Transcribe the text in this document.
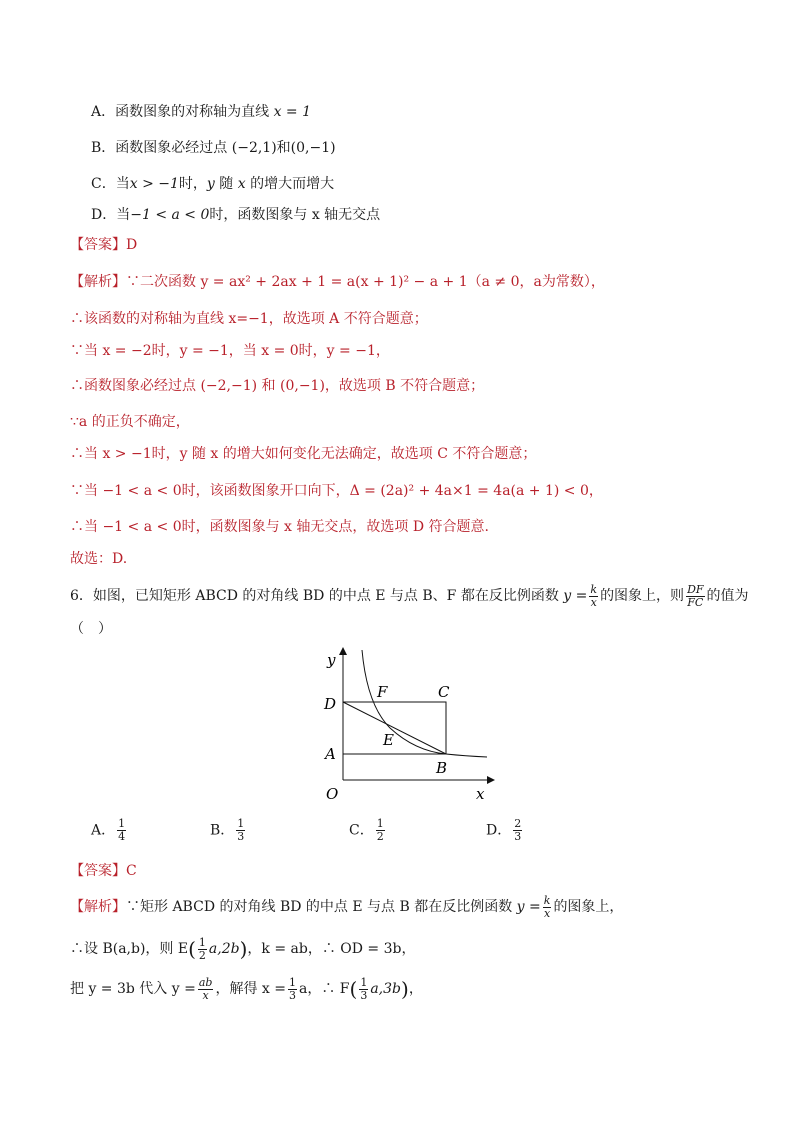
A．函数图象的对称轴为直线 x = 1
B．函数图象必经过点 (−2,1)和(0,−1)
C．当x > −1时，y 随 x 的增大而增大
D．当−1 < a < 0时，函数图象与 x 轴无交点
【答案】D
【解析】∵二次函数 y = ax² + 2ax + 1 = a(x + 1)² − a + 1（a ≠ 0，a为常数），
∴该函数的对称轴为直线 x=−1，故选项 A 不符合题意；
∵当 x = −2时，y = −1，当 x = 0时，y = −1，
∴函数图象必经过点 (−2,−1) 和 (0,−1)，故选项 B 不符合题意；
∵a 的正负不确定，
∴当 x > −1时，y 随 x 的增大如何变化无法确定，故选项 C 不符合题意；
∵当 −1 < a < 0时，该函数图象开口向下，Δ = (2a)² + 4a×1 = 4a(a + 1) < 0，
∴当 −1 < a < 0时，函数图象与 x 轴无交点，故选项 D 符合题意.
故选：D.
6．如图，已知矩形 ABCD 的对角线 BD 的中点 E 与点 B、F 都在反比例函数 $y = \frac{k}{x}$ 的图象上，则 $\frac{DF}{FC}$ 的值为
（　）
y
x
O
A
B
C
D
E
F
A． $\frac{1}{4}$	B． $\frac{1}{3}$	C． $\frac{1}{2}$	D． $\frac{2}{3}$
【答案】C
【解析】∵矩形 ABCD 的对角线 BD 的中点 E 与点 B 都在反比例函数 $y = \frac{k}{x}$ 的图象上，
∴设 B(a,b)，则 $E( \frac{1}{2} a,2b)$，k = ab，∴ OD = 3b，
把 y = 3b 代入 $y = \frac{ab}{x}$ ，解得 $x = \frac{1}{3}$ a，∴ $F( \frac{1}{3} a,3b)$，
